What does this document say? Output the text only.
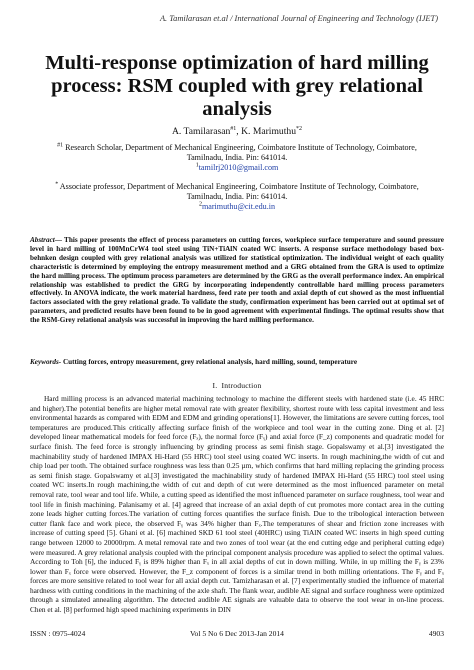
A. Tamilarasan et.al / International Journal of Engineering and Technology (IJET)
Multi-response optimization of hard milling process: RSM coupled with grey relational analysis
A. Tamilarasan$^{\#1}$, K. Marimuthu$^{*2}$
$^{\#1}$ Research Scholar, Department of Mechanical Engineering, Coimbatore Institute of Technology, Coimbatore,
Tamilnadu, India. Pin: 641014.
$^1$tamilrj2010@gmail.com
* Associate professor, Department of Mechanical Engineering, Coimbatore Institute of Technology, Coimbatore,
Tamilnadu, India. Pin: 641014.
$^2$marimuthu@cit.edu.in
Abstract— This paper presents the effect of process parameters on cutting forces, workpiece surface temperature and sound pressure level in hard milling of 100MnCrW4 tool steel using TiN+TiAlN coated WC inserts. A response surface methodology based box-behnken design coupled with grey relational analysis was utilized for statistical optimization. The individual weight of each quality characteristic is determined by employing the entropy measurement method and a GRG obtained from the GRA is used to optimize the hard milling process. The optimum process parameters are determined by the GRG as the overall performance index. An empirical relationship was established to predict the GRG by incorporating independently controllable hard milling process parameters effectively. In ANOVA indicate, the work material hardness, feed rate per tooth and axial depth of cut showed as the most influential factors associated with the grey relational grade. To validate the study, confirmation experiment has been carried out at optimal set of parameters, and predicted results have been found to be in good agreement with experimental findings. The optimal results show that the RSM-Grey relational analysis was successful in improving the hard milling performance.
Keywords- Cutting forces, entropy measurement, grey relational analysis, hard milling, sound, temperature
I. Introduction
Hard milling process is an advanced material machining technology to machine the different steels with hardened state (i.e. 45 HRC and higher).The potential benefits are higher metal removal rate with greater flexibility, shortest route with less capital investment and less environmental hazards as compared with EDM and EDM and grinding operations[1]. However, the limitations are severe cutting forces, tool temperatures are produced.This critically affecting surface finish of the workpiece and tool wear in the cutting zone. Ding et al. [2] developed linear mathematical models for feed force (Fₓ), the normal force (Fᵧ) and axial force (F_z) components and quadratic model for surface finish. The feed force is strongly influencing by grinding process as semi finish stage. Gopalswamy et al.[3] investigated the machinability study of hardened IMPAX Hi-Hard (55 HRC) tool steel using coated WC inserts. In rough machining,the width of cut and chip load per tooth. The obtained surface roughness was less than 0.25 µm, which confirms that hard milling replacing the grinding process as semi finish stage. Gopalswamy et al.[3] investigated the machinability study of hardened IMPAX Hi-Hard (55 HRC) tool steel using coated WC inserts.In rough machining,the width of cut and depth of cut were determined as the most influenced parameter on metal removal rate, tool wear and tool life. While, a cutting speed as identified the most influenced parameter on surface roughness, tool wear and tool life in finish machining. Palanisamy et al. [4] agreed that increase of an axial depth of cut promotes more contact area in the cutting zone leads higher cutting forces.The variation of cutting forces quantifies the surface finish. Due to the tribological interaction between cutter flank face and work piece, the observed Fᵧ was 34% higher than Fₓ.The temperatures of shear and friction zone increases with increase of cutting speed [5]. Ghani et al. [6] machined SKD 61 tool steel (40HRC) using TiAlN coated WC inserts in high speed cutting range between 12000 to 20000rpm. A metal removal rate and two zones of tool wear (at the end cutting edge and peripheral cutting edge) were measured. A grey relational analysis coupled with the principal component analysis procedure was applied to select the optimal values. According to Toh [6], the induced Fᵧ is 89% higher than Fₓ in all axial depths of cut in down milling. While, in up milling the Fᵧ is 23% lower than Fₓ force were observed. However, the F_z component of forces is a similar trend in both milling orientations. The Fᵧ and Fₓ forces are more sensitive related to tool wear for all axial depth cut. Tamizharasan et al. [7] experimentally studied the influence of material hardness with cutting conditions in the machining of the axle shaft. The flank wear, audible AE signal and surface roughness were optimized through a simulated annealing algorithm. The detected audible AE signals are valuable data to observe the tool wear in on-line process. Chen et al. [8] performed high speed machining experiments in DIN
ISSN : 0975-4024	Vol 5 No 6 Dec 2013-Jan 2014	4903
